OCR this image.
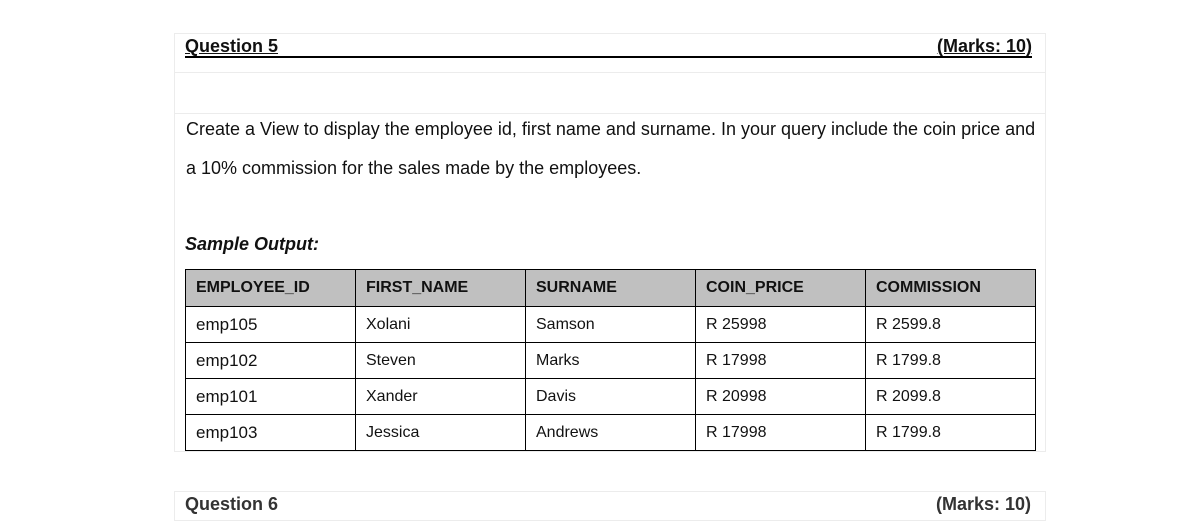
Question 5	(Marks: 10)

Create a View to display the employee id, first name and surname. In your query include the coin price and a 10% commission for the sales made by the employees.

Sample Output:
EMPLOYEE_ID	FIRST_NAME	SURNAME	COIN_PRICE	COMMISSION
emp105	Xolani	Samson	R 25998	R 2599.8
emp102	Steven	Marks	R 17998	R 1799.8
emp101	Xander	Davis	R 20998	R 2099.8
emp103	Jessica	Andrews	R 17998	R 1799.8
Question 6	(Marks: 10)
